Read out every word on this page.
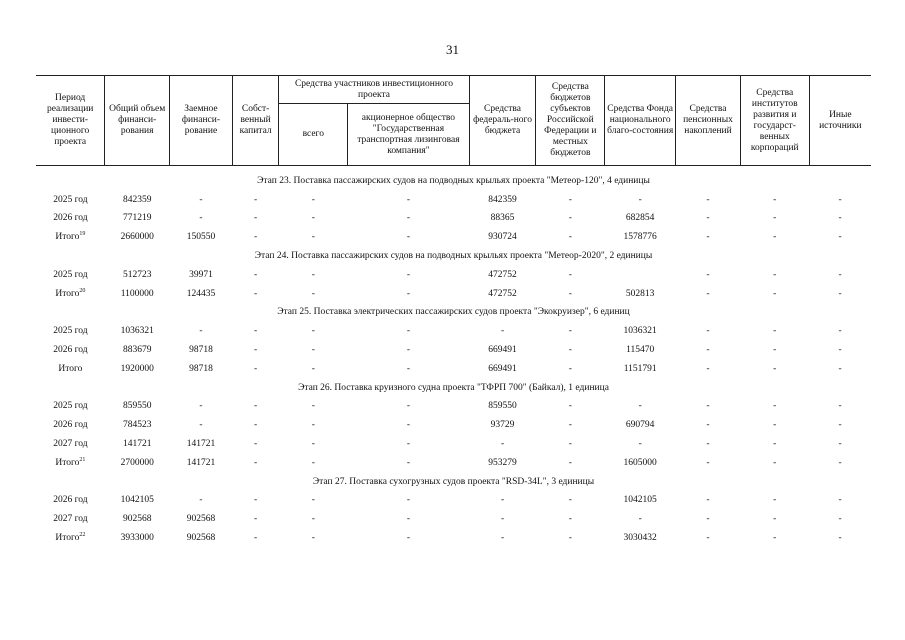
31
Период реализации инвести-ционного проекта	Общий объем финанси-рования	Заемное финанси-рование	Собст-венный капитал	Средства участников инвестиционного проекта		Средства федераль-ного бюджета	Средства бюджетов субъектов Российской Федерации и местных бюджетов	Средства Фонда национального благо-состояния	Средства пенсионных накоплений	Средства институтов развития и государст-венных корпораций	Иные источники
				всего	акционерное общество "Государственная транспортная лизинговая компания"						

Этап 23. Поставка пассажирских судов на подводных крыльях проекта "Метеор-120", 4 единицы											
2025 год	842359	-	-	-	-	842359	-	-	-	-	-
2026 год	771219	-	-	-	-	88365	-	682854	-	-	-
Итого$^{19}$	2660000	150550	-	-	-	930724	-	1578776	-	-	-
Этап 24. Поставка пассажирских судов на подводных крыльях проекта "Метеор-2020", 2 единицы											
2025 год	512723	39971	-	-	-	472752	-		-	-	-
Итого$^{20}$	1100000	124435	-	-	-	472752	-	502813	-	-	-
Этап 25. Поставка электрических пассажирских судов проекта "Экокруизер", 6 единиц											
2025 год	1036321	-	-	-	-	-	-	1036321	-	-	-
2026 год	883679	98718	-	-	-	669491	-	115470	-	-	-
Итого	1920000	98718	-	-	-	669491	-	1151791	-	-	-
Этап 26. Поставка круизного судна проекта "ТФРП 700" (Байкал), 1 единица											
2025 год	859550	-	-	-	-	859550	-	-	-	-	-
2026 год	784523	-	-	-	-	93729	-	690794	-	-	-
2027 год	141721	141721	-	-	-	-	-	-	-	-	-
Итого$^{21}$	2700000	141721	-	-	-	953279	-	1605000	-	-	-
Этап 27. Поставка сухогрузных судов проекта "RSD-34L", 3 единицы											
2026 год	1042105	-	-	-	-	-	-	1042105	-	-	-
2027 год	902568	902568	-	-	-	-	-	-	-	-	-
Итого$^{22}$	3933000	902568	-	-	-	-	-	3030432	-	-	-
